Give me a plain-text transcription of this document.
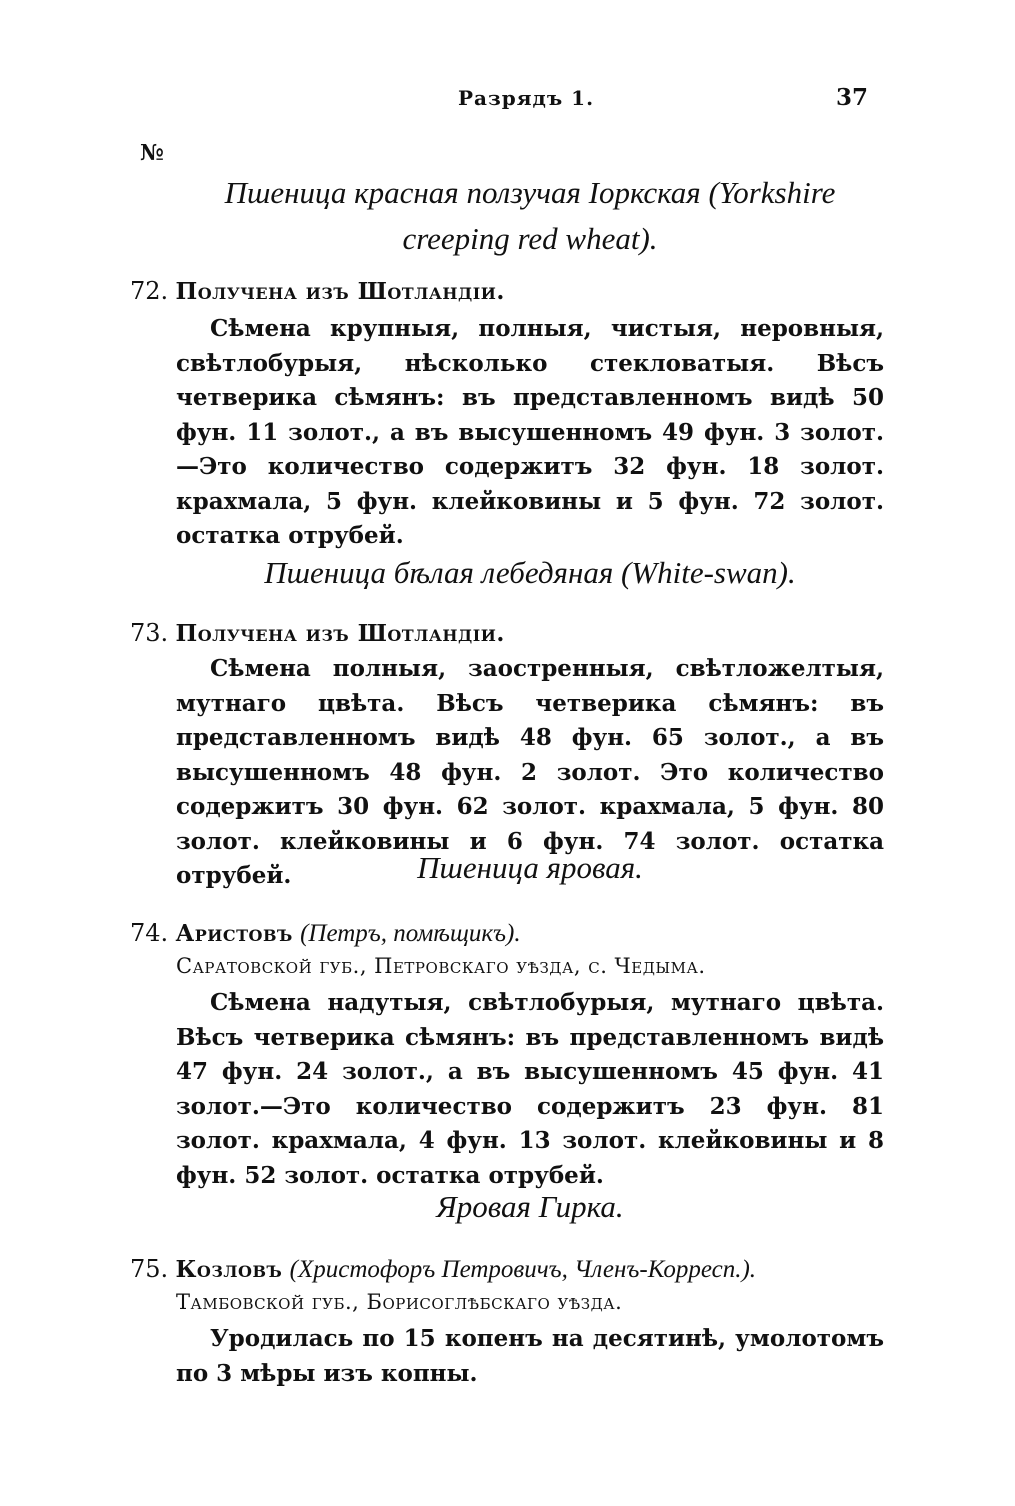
Разрядъ 1.	37
№
Пшеница красная ползучая Іоркская (Yorkshire
creeping red wheat).
72. Получена изъ Шотландіи.
Сѣмена крупныя, полныя, чистыя, неровныя, свѣтлобурыя, нѣсколько стекловатыя. Вѣсъ четверика сѣмянъ: въ представленномъ видѣ 50 фун. 11 золот., а въ высушенномъ 49 фун. 3 золот.—Это количество содержитъ 32 фун. 18 золот. крахмала, 5 фун. клейковины и 5 фун. 72 золот. остатка отрубей.
Пшеница бѣлая лебедяная (White-swan).
73. Получена изъ Шотландіи.
Сѣмена полныя, заостренныя, свѣтложелтыя, мутнаго цвѣта. Вѣсъ четверика сѣмянъ: въ представленномъ видѣ 48 фун. 65 золот., а въ высушенномъ 48 фун. 2 золот. Это количество содержитъ 30 фун. 62 золот. крахмала, 5 фун. 80 золот. клейковины и 6 фун. 74 золот. остатка отрубей.	Пшеница яровая.
74. Аристовъ (Петръ, помѣщикъ).
Саратовской губ., Петровскаго уѣзда, с. Чедыма.
Сѣмена надутыя, свѣтлобурыя, мутнаго цвѣта. Вѣсъ четверика сѣмянъ: въ представленномъ видѣ 47 фун. 24 золот., а въ высушенномъ 45 фун. 41 золот.—Это количество содержитъ 23 фун. 81 золот. крахмала, 4 фун. 13 золот. клейковины и 8 фун. 52 золот. остатка отрубей.
Яровая Гирка.
75. Козловъ (Христофоръ Петровичъ, Членъ-Корресп.).
Тамбовской губ., Борисоглѣбскаго уѣзда.
Уродилась по 15 копенъ на десятинѣ, умолотомъ по 3 мѣры изъ копны.
